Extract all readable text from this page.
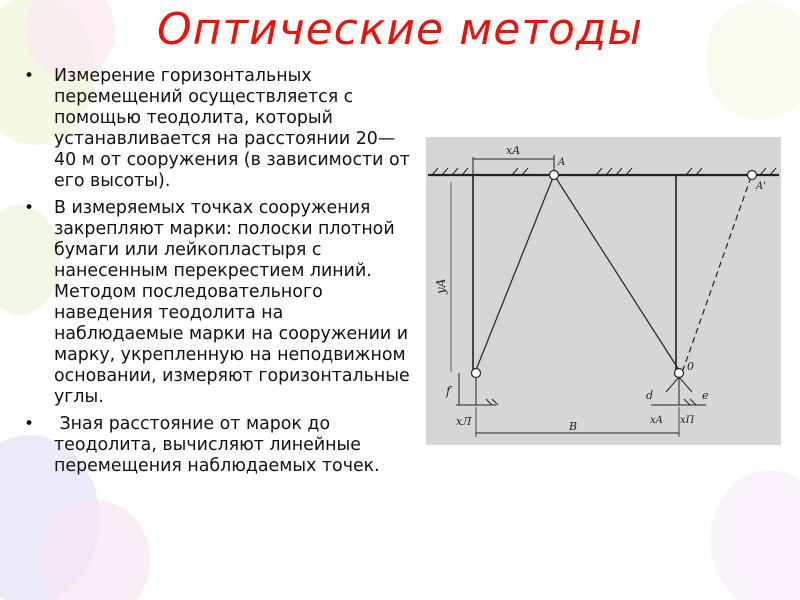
Оптические методы
• Измерение горизонтальных перемещений осуществляется с помощью теодолита, который устанавливается на расстоянии 20—40 м от сооружения (в зависимости от его высоты).
• В измеряемых точках сооружения закрепляют марки: полоски плотной бумаги или лейкопластыря с нанесенным перекрестием линий. Методом последовательного наведения теодолита на наблюдаемые марки на сооружении и марку, укрепленную на неподвижном основании, измеряют горизонтальные углы.
• Зная расстояние от марок до теодолита, вычисляют линейные перемещения наблюдаемых точек.
xA
A
yA
A'
0
f
xЛ
d	e
xA xП
B
